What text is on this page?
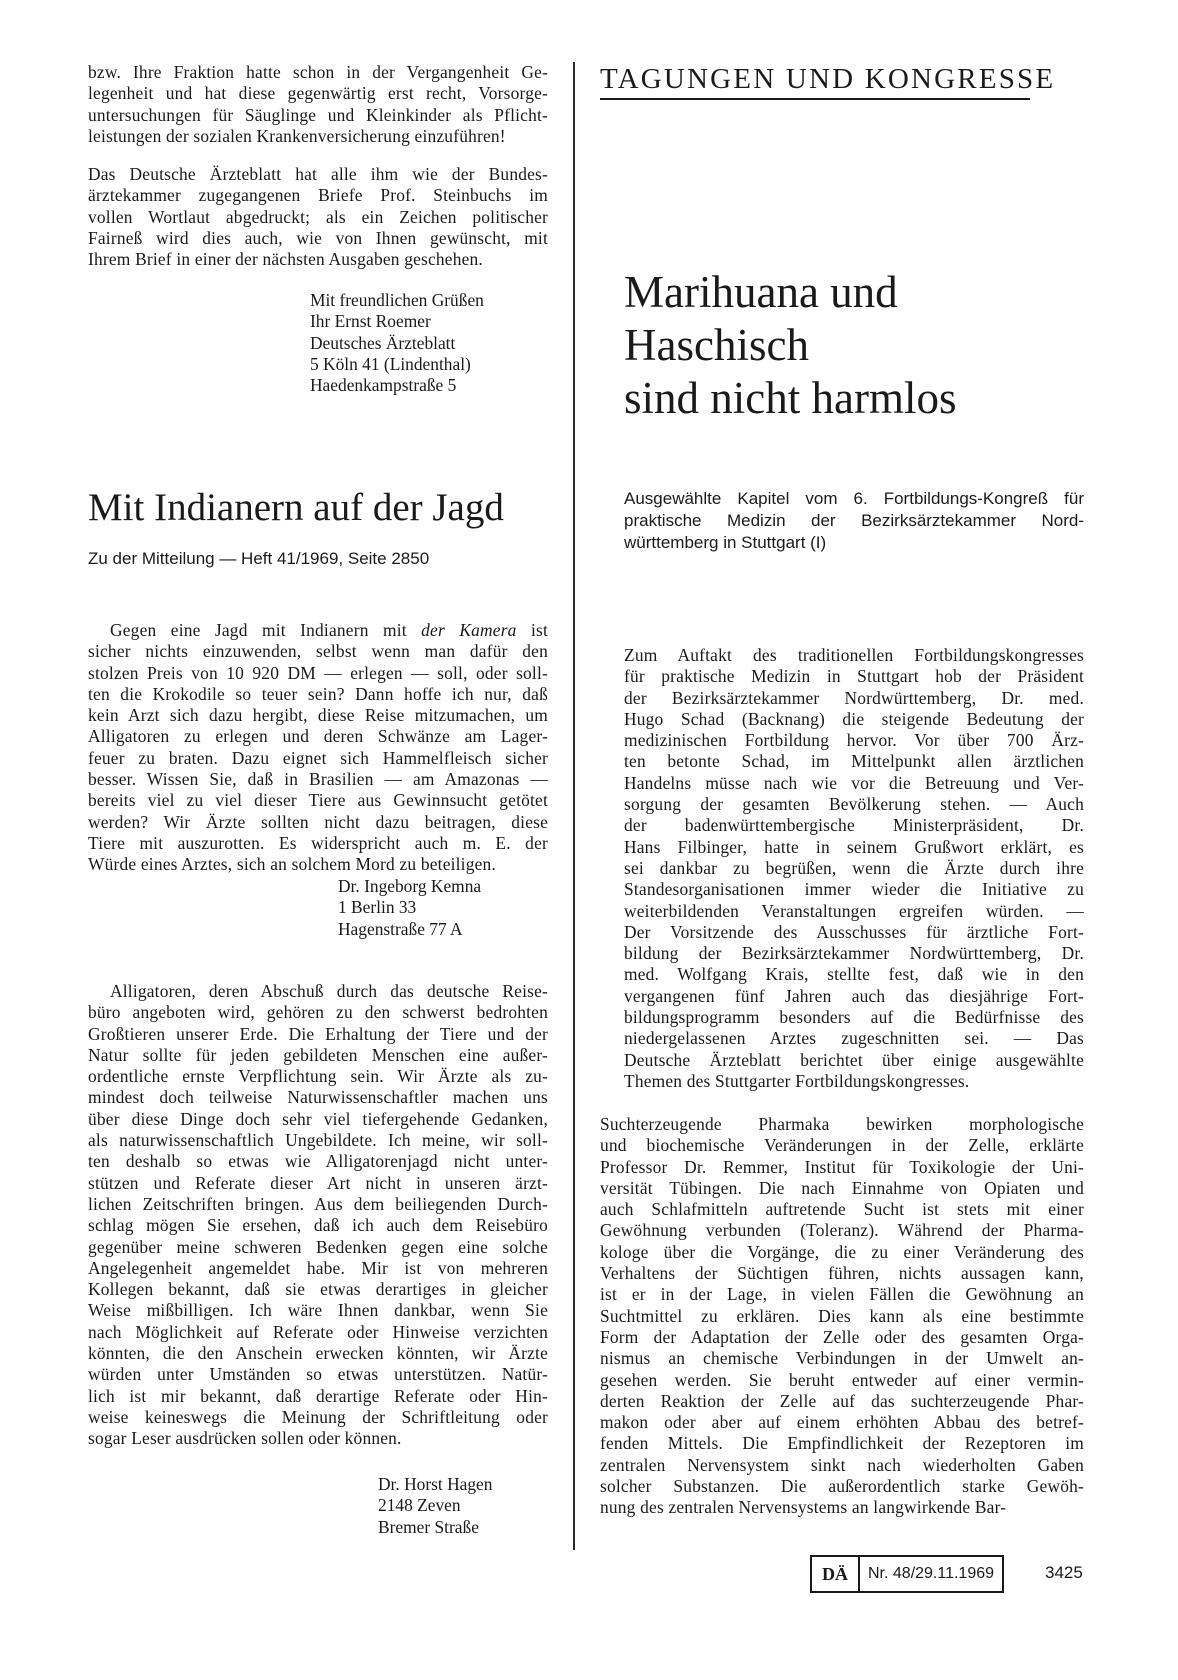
bzw. Ihre Fraktion hatte schon in der Vergangenheit Ge-
legenheit und hat diese gegenwärtig erst recht, Vorsorge-
untersuchungen für Säuglinge und Kleinkinder als Pflicht-
leistungen der sozialen Krankenversicherung einzuführen!
Das Deutsche Ärzteblatt hat alle ihm wie der Bundes-
ärztekammer zugegangenen Briefe Prof. Steinbuchs im
vollen Wortlaut abgedruckt; als ein Zeichen politischer
Fairneß wird dies auch, wie von Ihnen gewünscht, mit
Ihrem Brief in einer der nächsten Ausgaben geschehen.
Mit freundlichen Grüßen
Ihr Ernst Roemer
Deutsches Ärzteblatt
5 Köln 41 (Lindenthal)
Haedenkampstraße 5
Mit Indianern auf der Jagd
Zu der Mitteilung — Heft 41/1969, Seite 2850
Gegen eine Jagd mit Indianern mit der Kamera ist
sicher nichts einzuwenden, selbst wenn man dafür den
stolzen Preis von 10 920 DM — erlegen — soll, oder soll-
ten die Krokodile so teuer sein? Dann hoffe ich nur, daß
kein Arzt sich dazu hergibt, diese Reise mitzumachen, um
Alligatoren zu erlegen und deren Schwänze am Lager-
feuer zu braten. Dazu eignet sich Hammelfleisch sicher
besser. Wissen Sie, daß in Brasilien — am Amazonas —
bereits viel zu viel dieser Tiere aus Gewinnsucht getötet
werden? Wir Ärzte sollten nicht dazu beitragen, diese
Tiere mit auszurotten. Es widerspricht auch m. E. der
Würde eines Arztes, sich an solchem Mord zu beteiligen.
Dr. Ingeborg Kemna
1 Berlin 33
Hagenstraße 77 A
Alligatoren, deren Abschuß durch das deutsche Reise-
büro angeboten wird, gehören zu den schwerst bedrohten
Großtieren unserer Erde. Die Erhaltung der Tiere und der
Natur sollte für jeden gebildeten Menschen eine außer-
ordentliche ernste Verpflichtung sein. Wir Ärzte als zu-
mindest doch teilweise Naturwissenschaftler machen uns
über diese Dinge doch sehr viel tiefergehende Gedanken,
als naturwissenschaftlich Ungebildete. Ich meine, wir soll-
ten deshalb so etwas wie Alligatorenjagd nicht unter-
stützen und Referate dieser Art nicht in unseren ärzt-
lichen Zeitschriften bringen. Aus dem beiliegenden Durch-
schlag mögen Sie ersehen, daß ich auch dem Reisebüro
gegenüber meine schweren Bedenken gegen eine solche
Angelegenheit angemeldet habe. Mir ist von mehreren
Kollegen bekannt, daß sie etwas derartiges in gleicher
Weise mißbilligen. Ich wäre Ihnen dankbar, wenn Sie
nach Möglichkeit auf Referate oder Hinweise verzichten
könnten, die den Anschein erwecken könnten, wir Ärzte
würden unter Umständen so etwas unterstützen. Natür-
lich ist mir bekannt, daß derartige Referate oder Hin-
weise keineswegs die Meinung der Schriftleitung oder
sogar Leser ausdrücken sollen oder können.
Dr. Horst Hagen
2148 Zeven
Bremer Straße
TAGUNGEN UND KONGRESSE
Marihuana und
Haschisch
sind nicht harmlos
Ausgewählte Kapitel vom 6. Fortbildungs-Kongreß für
praktische Medizin der Bezirksärztekammer Nord-
württemberg in Stuttgart (I)
Zum Auftakt des traditionellen Fortbildungskongresses
für praktische Medizin in Stuttgart hob der Präsident
der Bezirksärztekammer Nordwürttemberg, Dr. med.
Hugo Schad (Backnang) die steigende Bedeutung der
medizinischen Fortbildung hervor. Vor über 700 Ärz-
ten betonte Schad, im Mittelpunkt allen ärztlichen
Handelns müsse nach wie vor die Betreuung und Ver-
sorgung der gesamten Bevölkerung stehen. — Auch
der badenwürttembergische Ministerpräsident, Dr.
Hans Filbinger, hatte in seinem Grußwort erklärt, es
sei dankbar zu begrüßen, wenn die Ärzte durch ihre
Standesorganisationen immer wieder die Initiative zu
weiterbildenden Veranstaltungen ergreifen würden. —
Der Vorsitzende des Ausschusses für ärztliche Fort-
bildung der Bezirksärztekammer Nordwürttemberg, Dr.
med. Wolfgang Krais, stellte fest, daß wie in den
vergangenen fünf Jahren auch das diesjährige Fort-
bildungsprogramm besonders auf die Bedürfnisse des
niedergelassenen Arztes zugeschnitten sei. — Das
Deutsche Ärzteblatt berichtet über einige ausgewählte
Themen des Stuttgarter Fortbildungskongresses.
Suchterzeugende Pharmaka bewirken morphologische
und biochemische Veränderungen in der Zelle, erklärte
Professor Dr. Remmer, Institut für Toxikologie der Uni-
versität Tübingen. Die nach Einnahme von Opiaten und
auch Schlafmitteln auftretende Sucht ist stets mit einer
Gewöhnung verbunden (Toleranz). Während der Pharma-
kologe über die Vorgänge, die zu einer Veränderung des
Verhaltens der Süchtigen führen, nichts aussagen kann,
ist er in der Lage, in vielen Fällen die Gewöhnung an
Suchtmittel zu erklären. Dies kann als eine bestimmte
Form der Adaptation der Zelle oder des gesamten Orga-
nismus an chemische Verbindungen in der Umwelt an-
gesehen werden. Sie beruht entweder auf einer vermin-
derten Reaktion der Zelle auf das suchterzeugende Phar-
makon oder aber auf einem erhöhten Abbau des betref-
fenden Mittels. Die Empfindlichkeit der Rezeptoren im
zentralen Nervensystem sinkt nach wiederholten Gaben
solcher Substanzen. Die außerordentlich starke Gewöh-
nung des zentralen Nervensystems an langwirkende Bar-
DÄ	Nr. 48/29.11.1969	3425
